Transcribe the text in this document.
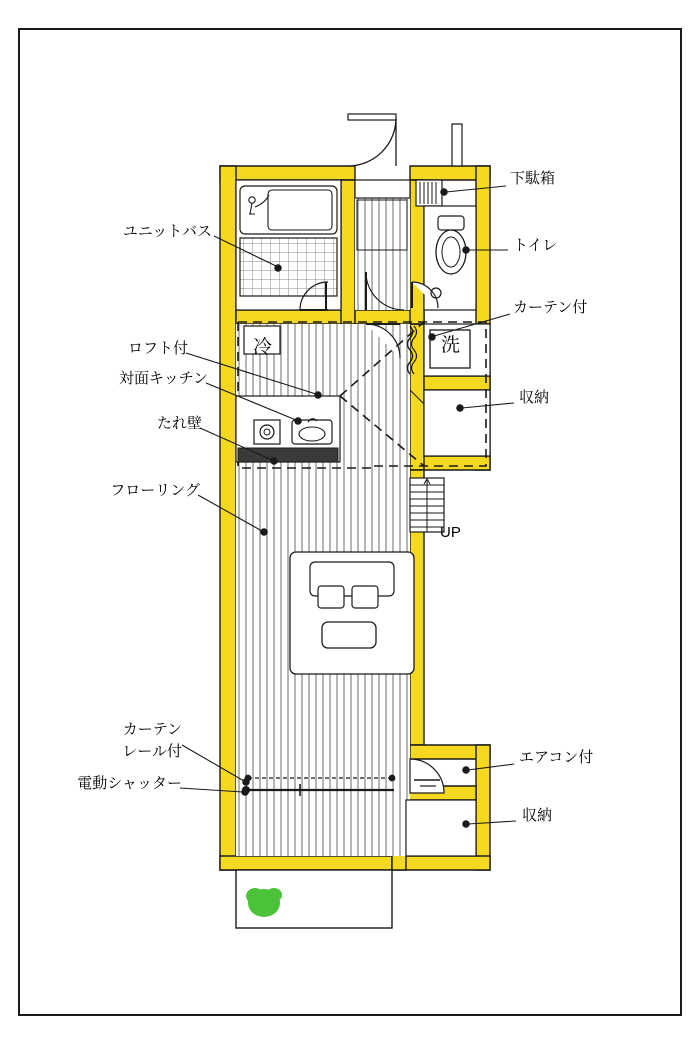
ユニットバス
ロフト付
対面キッチン
たれ壁
フローリング
カーテン
レール付
電動シャッター
下駄箱
トイレ
カーテン付
収納
エアコン付
収納
冷	洗
UP
